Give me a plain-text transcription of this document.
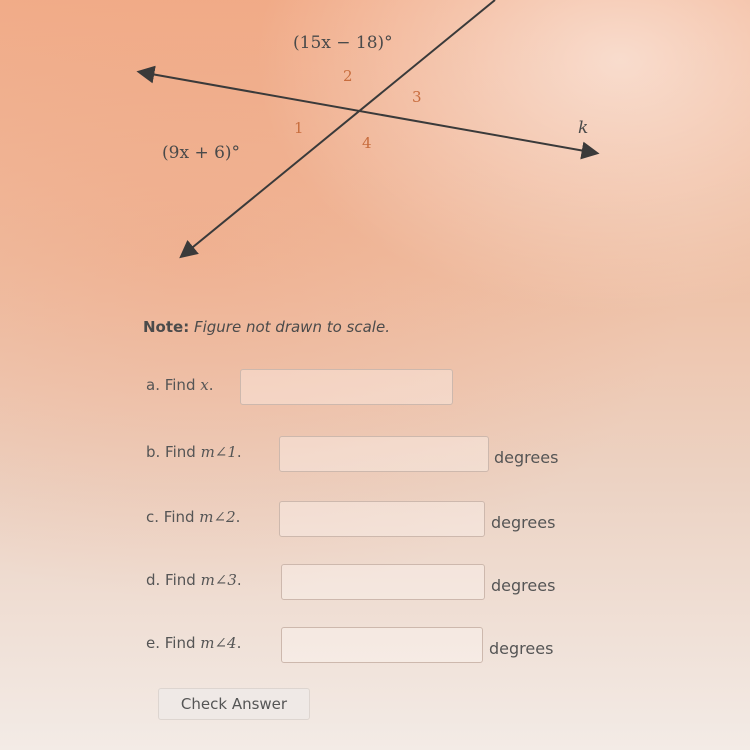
(15x − 18)°
(9x + 6)°
k
1
2
3
4
Note: Figure not drawn to scale.
a. Find x.
b. Find m∠1.	degrees
c. Find m∠2.	degrees
d. Find m∠3.	degrees
e. Find m∠4.	degrees
Check Answer
